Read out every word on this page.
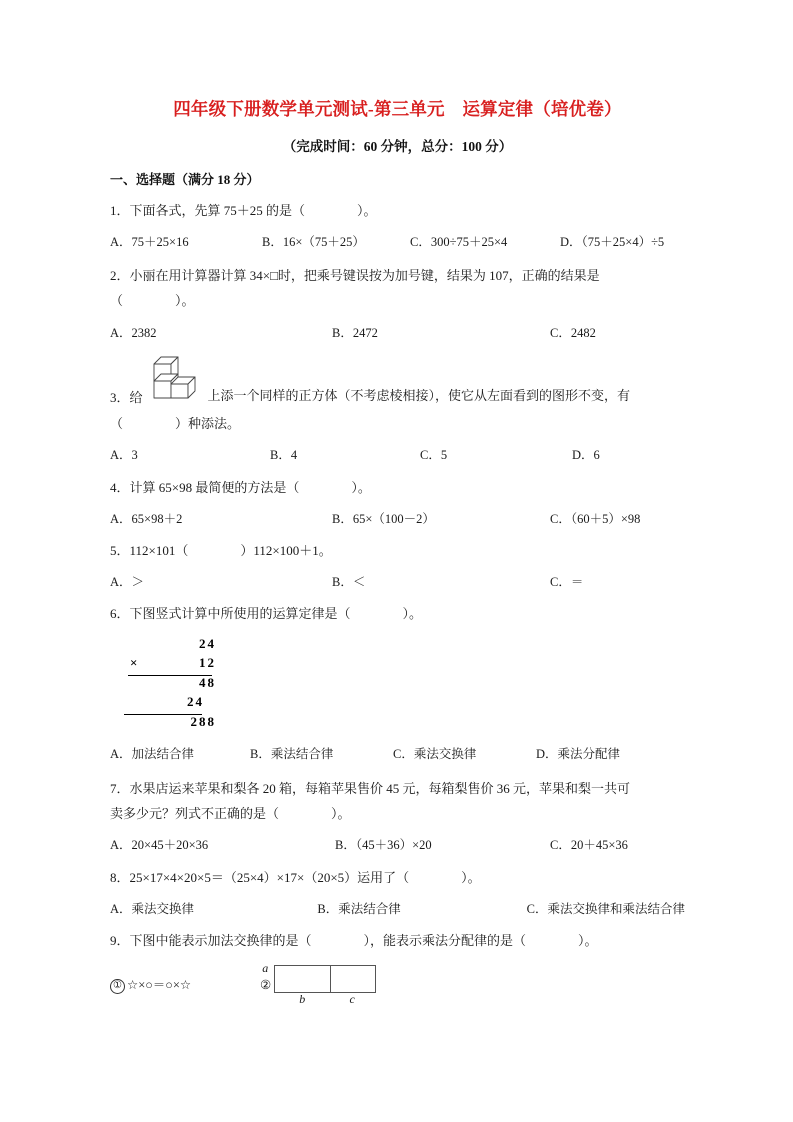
四年级下册数学单元测试-第三单元　运算定律（培优卷）
（完成时间：60 分钟，总分：100 分）
一、选择题（满分 18 分）
1．下面各式，先算 75＋25 的是（　　　　）。
A．75＋25×16	B．16×（75＋25）	C．300÷75＋25×4	D．（75＋25×4）÷5
2．小丽在用计算器计算 34×□时，把乘号键误按为加号键，结果为 107，正确的结果是
（　　　　）。
A．2382	B．2472	C．2482
3．给	上添一个同样的正方体（不考虑棱相接），使它从左面看到的图形不变，有
（　　　　）种添法。
A．3	B．4	C．5	D．6
4．计算 65×98 最简便的方法是（　　　　）。
A．65×98＋2	B．65×（100－2）	C．（60＋5）×98
5．112×101（　　　　）112×100＋1。
A．＞	B．＜	C．＝
6．下图竖式计算中所使用的运算定律是（　　　　）。
24
×	12
48
24
288
A．加法结合律	B．乘法结合律	C．乘法交换律	D．乘法分配律
7．水果店运来苹果和梨各 20 箱，每箱苹果售价 45 元，每箱梨售价 36 元，苹果和梨一共可
卖多少元？列式不正确的是（　　　　）。
A．20×45＋20×36	B．（45＋36）×20	C．20＋45×36
8．25×17×4×20×5＝（25×4）×17×（20×5）运用了（　　　　）。
A．乘法交换律	B．乘法结合律	C．乘法交换律和乘法结合律
9．下图中能表示加法交换律的是（　　　　），能表示乘法分配律的是（　　　　）。
① ☆×○＝○×☆	②
a
b	c
